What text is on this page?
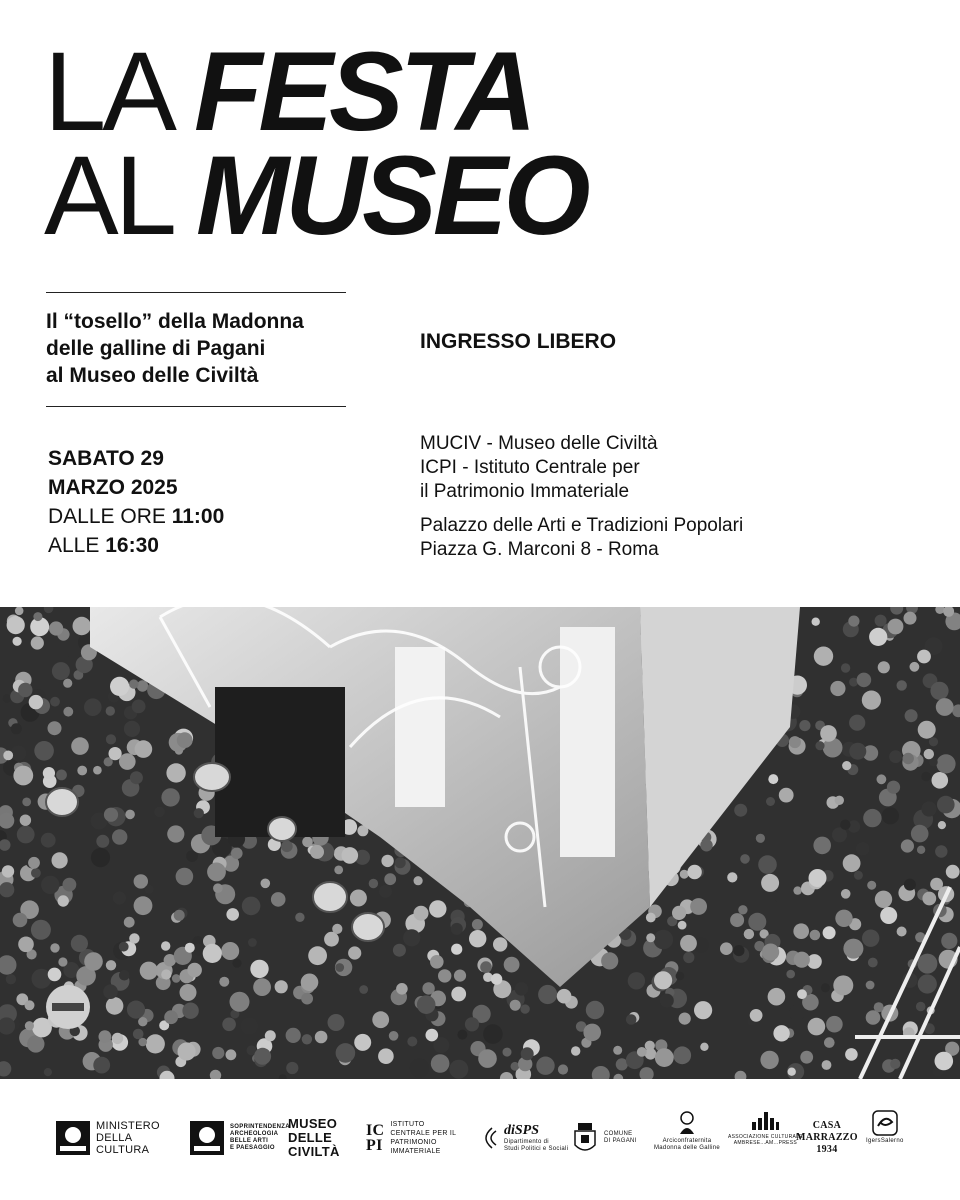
LA FESTA
AL MUSEO
Il “tosello” della Madonna
delle galline di Pagani
al Museo delle Civiltà
INGRESSO LIBERO
SABATO 29
MARZO 2025
DALLE ORE 11:00
ALLE 16:30
MUCIV - Museo delle Civiltà
ICPI - Istituto Centrale per
il Patrimonio Immateriale
Palazzo delle Arti e Tradizioni Popolari
Piazza G. Marconi 8 - Roma
MINISTERO
DELLA
CULTURA
SOPRINTENDENZA
ARCHEOLOGIA
BELLE ARTI
E PAESAGGIO
MUSEO
DELLE
CIVILTÀ
IC
PI
ISTITUTO
CENTRALE PER IL
PATRIMONIO
IMMATERIALE
diSPS
Dipartimento di
Studi Politici e Sociali
COMUNE
DI PAGANI	Arciconfraternita
Madonna delle Galline
ASSOCIAZIONE CULTURALE
AMBRESE...AM...PRESS
CASA
MARRAZZO
1934
IgersSalerno
